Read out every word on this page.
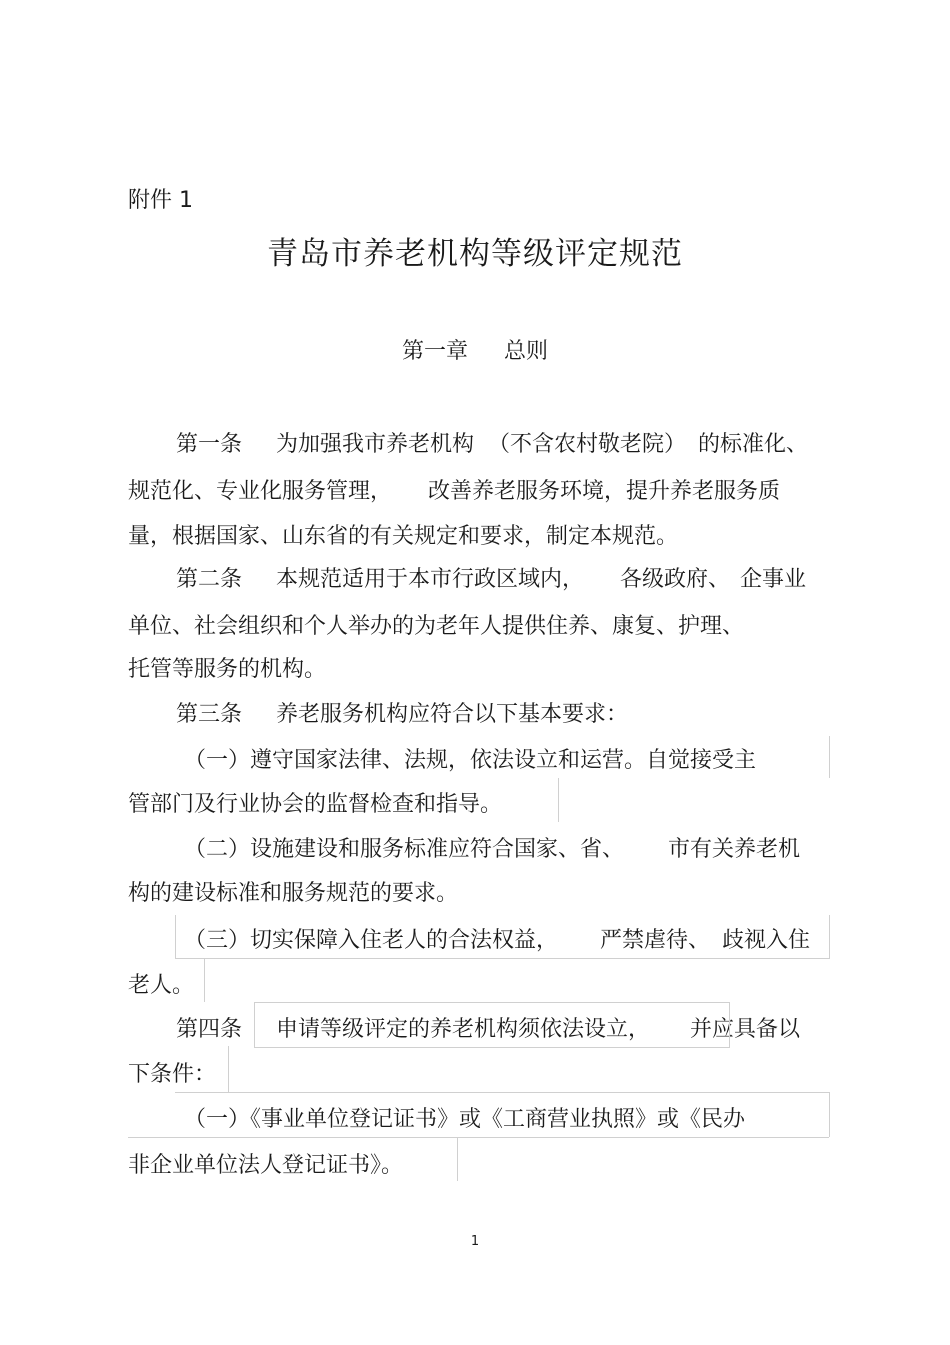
附件 1
青岛市养老机构等级评定规范
第一章 总则
第一条 为加强我市养老机构 （不含农村敬老院） 的标准化、
规范化、专业化服务管理， 改善养老服务环境，提升养老服务质
量，根据国家、山东省的有关规定和要求，制定本规范。
第二条 本规范适用于本市行政区域内， 各级政府、 企事业
单位、社会组织和个人举办的为老年人提供住养、康复、护理、
托管等服务的机构。
第三条 养老服务机构应符合以下基本要求：
（一）遵守国家法律、法规，依法设立和运营。自觉接受主
管部门及行业协会的监督检查和指导。
（二）设施建设和服务标准应符合国家、省、 市有关养老机
构的建设标准和服务规范的要求。
（三）切实保障入住老人的合法权益， 严禁虐待、 歧视入住
老人。
第四条 申请等级评定的养老机构须依法设立， 并应具备以
下条件：
（一）《事业单位登记证书》或《工商营业执照》或《民办
非企业单位法人登记证书》。
1
